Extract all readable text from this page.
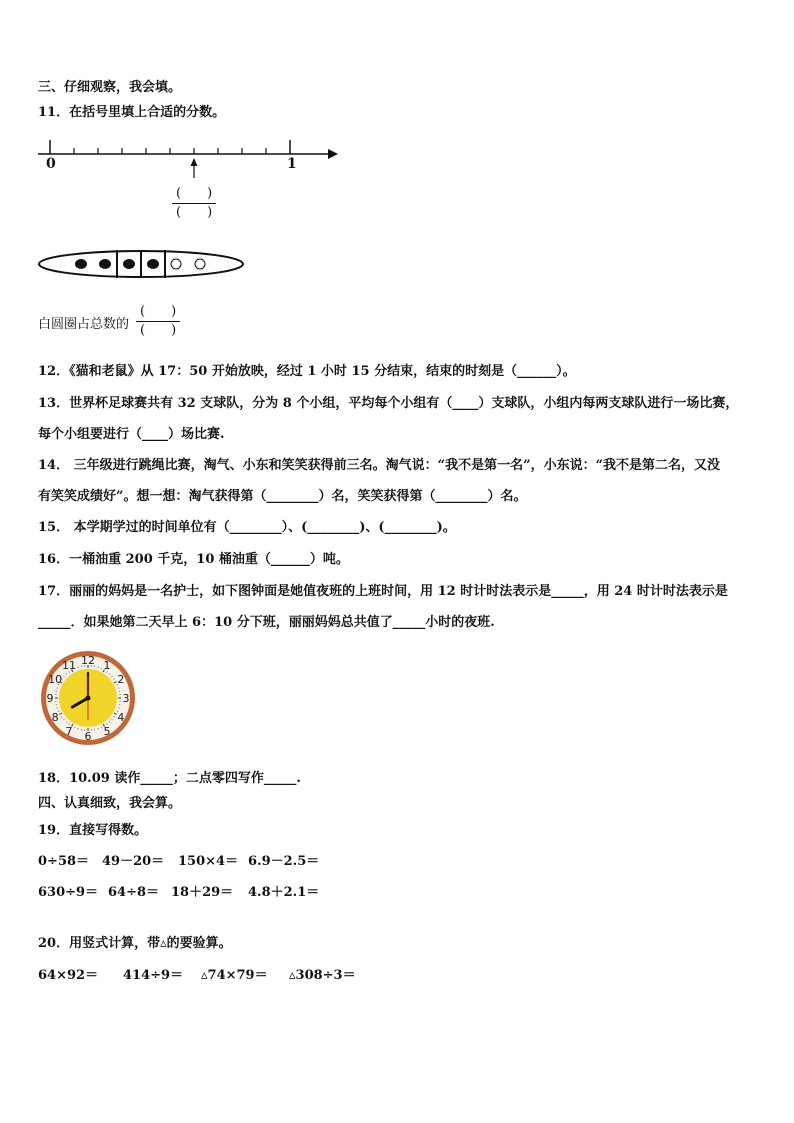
三、仔细观察，我会填。
11．在括号里填上合适的分数。
0	1
(　　)
(　　)
白圆圈占总数的
(　　)
(　　)
12．《猫和老鼠》从 17：50 开始放映，经过 1 小时 15 分结束，结束的时刻是（______）。
13．世界杯足球赛共有 32 支球队，分为 8 个小组，平均每个小组有（____）支球队，小组内每两支球队进行一场比赛，
每个小组要进行（____）场比赛.
14． 三年级进行跳绳比赛，淘气、小东和笑笑获得前三名。淘气说：“我不是第一名”，小东说：“我不是第二名，又没
有笑笑成绩好”。想一想：淘气获得第（________）名，笑笑获得第（________）名。
15． 本学期学过的时间单位有（________）、(________)、(________)。
16．一桶油重 200 千克，10 桶油重（______）吨。
17．丽丽的妈妈是一名护士，如下图钟面是她值夜班的上班时间，用 12 时计时法表示是_____，用 24 时计时法表示是
_____．如果她第二天早上 6：10 分下班，丽丽妈妈总共值了_____小时的夜班.
12 1
2
3
4
5
6
7
8
9
10
11
18．10.09 读作_____；二点零四写作_____.
四、认真细致，我会算。
19．直接写得数。
0÷58＝ 49－20＝ 150×4＝ 6.9－2.5＝
630÷9＝ 64÷8＝ 18＋29＝ 4.8＋2.1＝
20．用竖式计算，带▵的要验算。
64×92＝ 414÷9＝ ▵74×79＝ ▵308÷3＝
